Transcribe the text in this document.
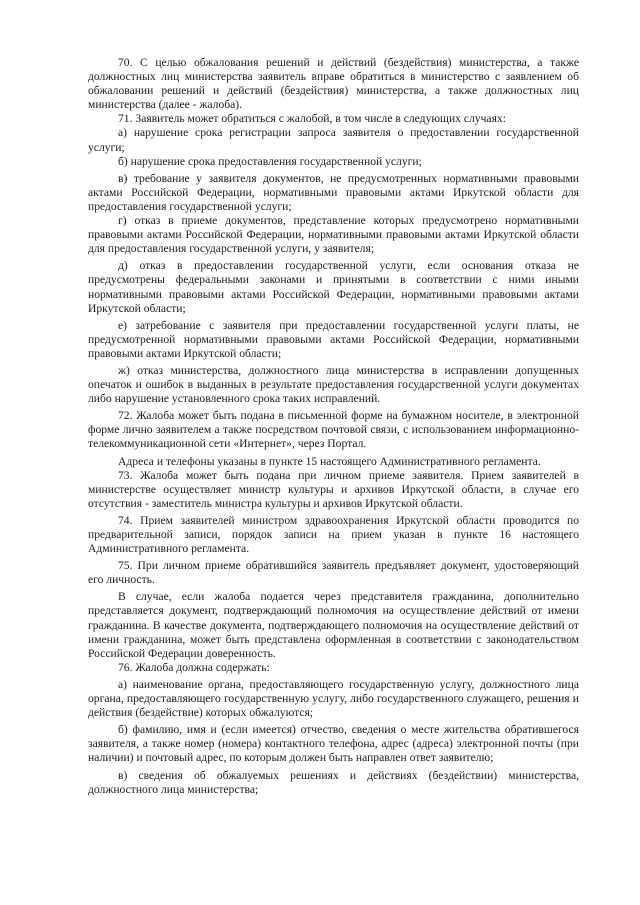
70. С целью обжалования решений и действий (бездействия) министерства, а также должностных лиц министерства заявитель вправе обратиться в министерство с заявлением об обжаловании решений и действий (бездействия) министерства, а также должностных лиц министерства (далее - жалоба).

71. Заявитель может обратиться с жалобой, в том числе в следующих случаях:

а) нарушение срока регистрации запроса заявителя о предоставлении государственной услуги;

б) нарушение срока предоставления государственной услуги;

в) требование у заявителя документов, не предусмотренных нормативными правовыми актами Российской Федерации, нормативными правовыми актами Иркутской области для предоставления государственной услуги;

г) отказ в приеме документов, представление которых предусмотрено нормативными правовыми актами Российской Федерации, нормативными правовыми актами Иркутской области для предоставления государственной услуги, у заявителя;

д) отказ в предоставлении государственной услуги, если основания отказа не предусмотрены федеральными законами и принятыми в соответствии с ними иными нормативными правовыми актами Российской Федерации, нормативными правовыми актами Иркутской области;

е) затребование с заявителя при предоставлении государственной услуги платы, не предусмотренной нормативными правовыми актами Российской Федерации, нормативными правовыми актами Иркутской области;

ж) отказ министерства, должностного лица министерства в исправлении допущенных опечаток и ошибок в выданных в результате предоставления государственной услуги документах либо нарушение установленного срока таких исправлений.

72. Жалоба может быть подана в письменной форме на бумажном носителе, в электронной форме лично заявителем а также посредством почтовой связи, с использованием информационно-телекоммуникационной сети «Интернет», через Портал.

Адреса и телефоны указаны в пункте 15 настоящего Административного регламента.

73. Жалоба может быть подана при личном приеме заявителя. Прием заявителей в министерстве осуществляет министр культуры и архивов Иркутской области, в случае его отсутствия - заместитель министра культуры и архивов Иркутской области.

74. Прием заявителей министром здравоохранения Иркутской области проводится по предварительной записи, порядок записи на прием указан в пункте 16 настоящего Административного регламента.

75. При личном приеме обратившийся заявитель предъявляет документ, удостоверяющий его личность.

В случае, если жалоба подается через представителя гражданина, дополнительно представляется документ, подтверждающий полномочия на осуществление действий от имени гражданина. В качестве документа, подтверждающего полномочия на осуществление действий от имени гражданина, может быть представлена оформленная в соответствии с законодательством Российской Федерации доверенность.

76. Жалоба должна содержать:

а) наименование органа, предоставляющего государственную услугу, должностного лица органа, предоставляющего государственную услугу, либо государственного служащего, решения и действия (бездействие) которых обжалуются;

б) фамилию, имя и (если имеется) отчество, сведения о месте жительства обратившегося заявителя, а также номер (номера) контактного телефона, адрес (адреса) электронной почты (при наличии) и почтовый адрес, по которым должен быть направлен ответ заявителю;

в) сведения об обжалуемых решениях и действиях (бездействии) министерства, должностного лица министерства;
